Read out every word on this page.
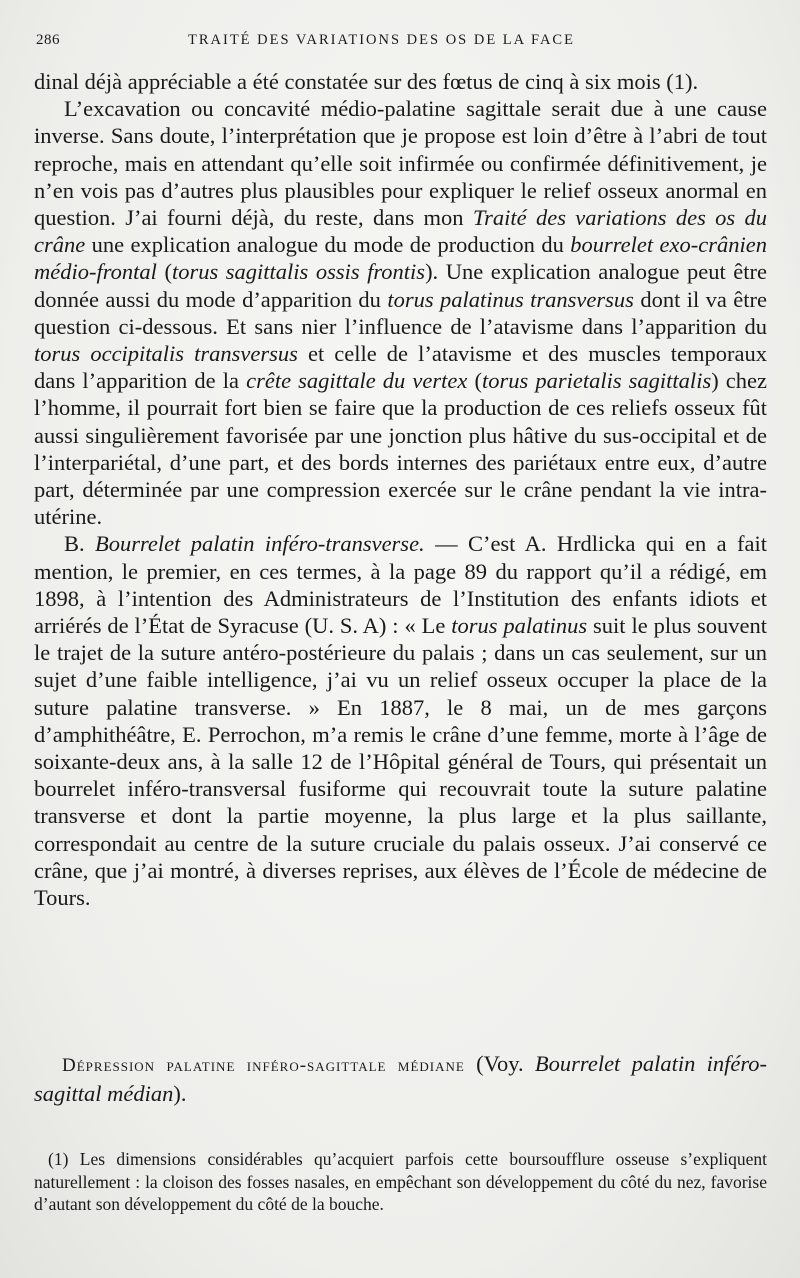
286	TRAITÉ DES VARIATIONS DES OS DE LA FACE

dinal déjà appréciable a été constatée sur des fœtus de cinq à six mois (1).

L’excavation ou concavité médio-palatine sagittale serait due à une cause inverse. Sans doute, l’interprétation que je propose est loin d’être à l’abri de tout reproche, mais en attendant qu’elle soit infirmée ou confirmée définitivement, je n’en vois pas d’autres plus plausibles pour expliquer le relief osseux anormal en question. J’ai fourni déjà, du reste, dans mon Traité des variations des os du crâne une explication analogue du mode de production du bourrelet exo-crânien médio-frontal (torus sagittalis ossis frontis). Une explication analogue peut être donnée aussi du mode d’apparition du torus palatinus transversus dont il va être question ci-dessous. Et sans nier l’influence de l’atavisme dans l’apparition du torus occipitalis transversus et celle de l’atavisme et des muscles temporaux dans l’apparition de la crête sagittale du vertex (torus parietalis sagittalis) chez l’homme, il pourrait fort bien se faire que la production de ces reliefs osseux fût aussi singulièrement favorisée par une jonction plus hâtive du sus-occipital et de l’interpariétal, d’une part, et des bords internes des pariétaux entre eux, d’autre part, déterminée par une compression exercée sur le crâne pendant la vie intra-utérine.

B. Bourrelet palatin inféro-transverse. — C’est A. Hrdlicka qui en a fait mention, le premier, en ces termes, à la page 89 du rapport qu’il a rédigé, em 1898, à l’intention des Administrateurs de l’Institution des enfants idiots et arriérés de l’État de Syracuse (U. S. A) : « Le torus palatinus suit le plus souvent le trajet de la suture antéro-postérieure du palais ; dans un cas seulement, sur un sujet d’une faible intelligence, j’ai vu un relief osseux occuper la place de la suture palatine transverse. » En 1887, le 8 mai, un de mes garçons d’amphithéâtre, E. Perrochon, m’a remis le crâne d’une femme, morte à l’âge de soixante-deux ans, à la salle 12 de l’Hôpital général de Tours, qui présentait un bourrelet inféro-transversal fusiforme qui recouvrait toute la suture palatine transverse et dont la partie moyenne, la plus large et la plus saillante, correspondait au centre de la suture cruciale du palais osseux. J’ai conservé ce crâne, que j’ai montré, à diverses reprises, aux élèves de l’École de médecine de Tours.

Dépression palatine inféro-sagittale médiane (Voy. Bourrelet palatin inféro-sagittal médian).
(1) Les dimensions considérables qu’acquiert parfois cette boursoufflure osseuse s’expliquent naturellement : la cloison des fosses nasales, en empêchant son développement du côté du nez, favorise d’autant son développement du côté de la bouche.
